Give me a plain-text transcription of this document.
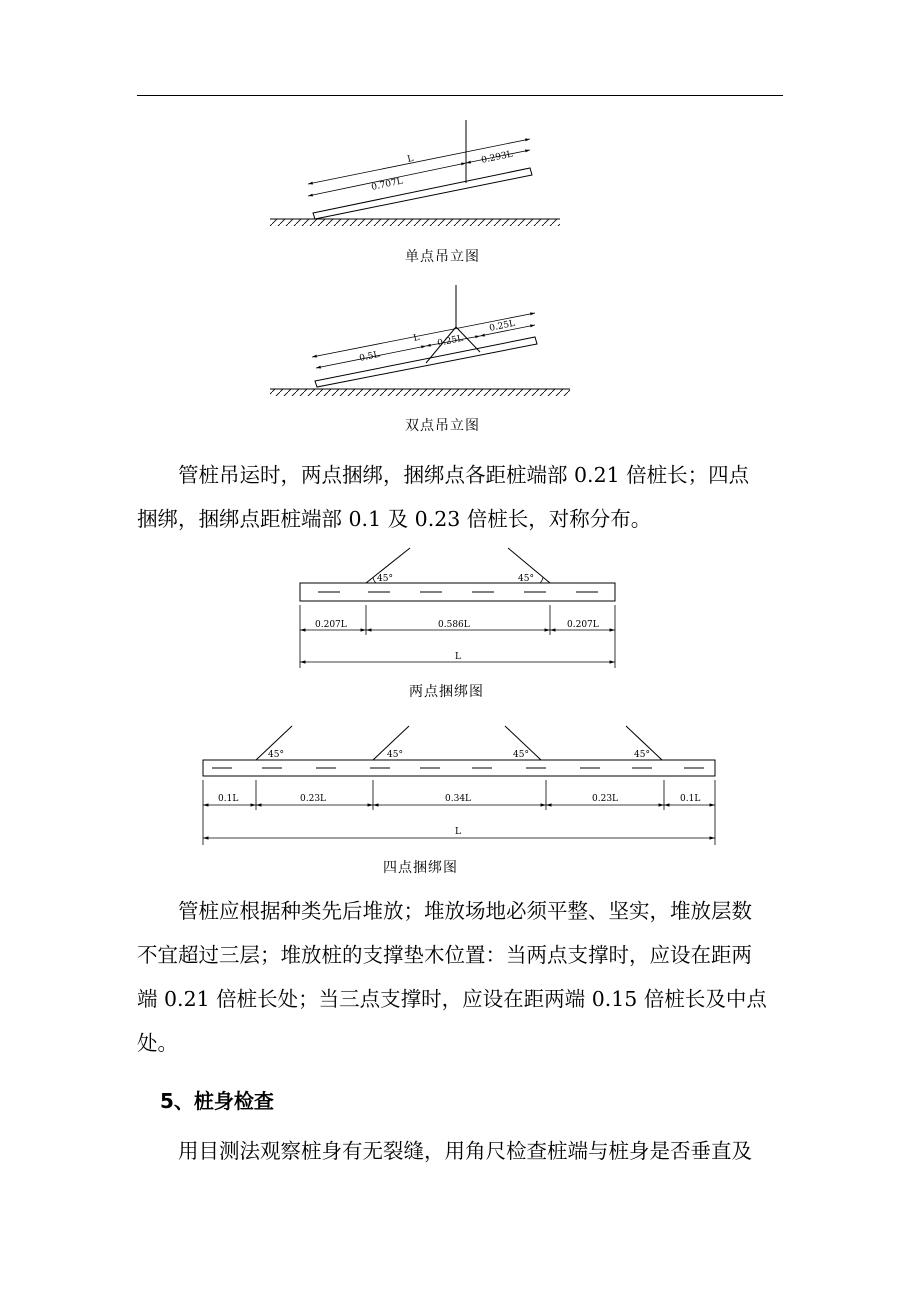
L
0.707L
0.293L
L
0.5L
0.25L
0.25L
单点吊立图
双点吊立图
　　管桩吊运时，两点捆绑，捆绑点各距桩端部 0.21 倍桩长；四点
捆绑，捆绑点距桩端部 0.1 及 0.23 倍桩长，对称分布。
45°	45°
0.207L	0.586L	0.207L
L
两点捆绑图
45°	45°	45°	45°
0.1L	0.23L	0.34L	0.23L	0.1L
L
四点捆绑图
　　管桩应根据种类先后堆放；堆放场地必须平整、坚实，堆放层数
不宜超过三层；堆放桩的支撑垫木位置：当两点支撑时，应设在距两
端 0.21 倍桩长处；当三点支撑时，应设在距两端 0.15 倍桩长及中点
处。
5、桩身检查
　　用目测法观察桩身有无裂缝，用角尺检查桩端与桩身是否垂直及
